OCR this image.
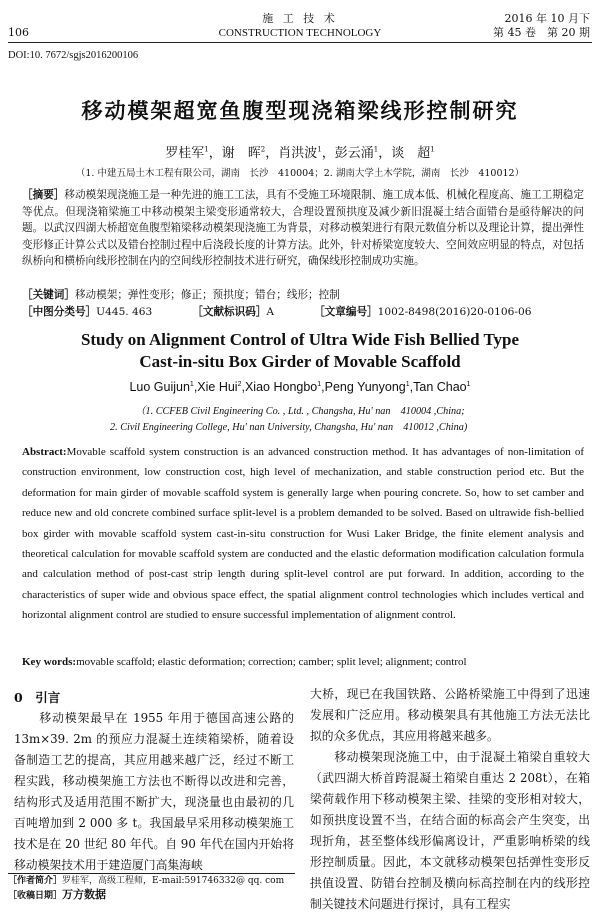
106
施 工 技 术
CONSTRUCTION TECHNOLOGY
2016 年 10 月下
第 45 卷　第 20 期
DOI:10. 7672/sgjs2016200106
移动模架超宽鱼腹型现浇箱梁线形控制研究
罗桂军$^1$，谢　晖$^2$，肖洪波$^1$，彭云涌$^1$，谈　超$^1$
（1. 中建五局土木工程有限公司，湖南　长沙　410004；2. 湖南大学土木学院，湖南　长沙　410012）
［摘要］移动模架现浇施工是一种先进的施工工法，具有不受施工环境限制、施工成本低、机械化程度高、施工工期稳定等优点。但现浇箱梁施工中移动模架主梁变形通常较大，合理设置预拱度及减少新旧混凝土结合面错台是亟待解决的问题。以武汉四湖大桥超宽鱼腹型箱梁移动模架现浇施工为背景，对移动模架进行有限元数值分析以及理论计算，提出弹性变形修正计算公式以及错台控制过程中后浇段长度的计算方法。此外，针对桥梁宽度较大、空间效应明显的特点，对包括纵桥向和横桥向线形控制在内的空间线形控制技术进行研究，确保线形控制成功实施。
［关键词］移动模架；弹性变形；修正；预拱度；错台；线形；控制
［中图分类号］U445. 463	［文献标识码］A	［文章编号］1002-8498(2016)20-0106-06
Study on Alignment Control of Ultra Wide Fish Bellied Type
Cast-in-situ Box Girder of Movable Scaffold
Luo Guijun$^1$,Xie Hui$^2$,Xiao Hongbo$^1$,Peng Yunyong$^1$,Tan Chao$^1$
（1. CCFEB Civil Engineering Co. , Ltd. , Changsha, Hu' nan　410004 ,China;
2. Civil Engineering College, Hu' nan University, Changsha, Hu' nan　410012 ,China)
Abstract:Movable scaffold system construction is an advanced construction method. It has advantages of non-limitation of construction environment, low construction cost, high level of mechanization, and stable construction period etc. But the deformation for main girder of movable scaffold system is generally large when pouring concrete. So, how to set camber and reduce new and old concrete combined surface split-level is a problem demanded to be solved. Based on ultrawide fish-bellied box girder with movable scaffold system cast-in-situ construction for Wusi Laker Bridge, the finite element analysis and theoretical calculation for movable scaffold system are conducted and the elastic deformation modification calculation formula and calculation method of post-cast strip length during split-level control are put forward. In addition, according to the characteristics of super wide and obvious space effect, the spatial alignment control technologies which includes vertical and horizontal alignment control are studied to ensure successful implementation of alignment control.
Key words:movable scaffold; elastic deformation; correction; camber; split level; alignment; control
0　引言
　　移动模架最早在 1955 年用于德国高速公路的 13m×39. 2m 的预应力混凝土连续箱梁桥，随着设备制造工艺的提高，其应用越来越广泛，经过不断工程实践，移动模架施工方法也不断得以改进和完善，结构形式及适用范围不断扩大，现浇量也由最初的几百吨增加到 2 000 多 t。我国最早采用移动模架施工技术是在 20 世纪 80 年代。自 90 年代在国内开始将移动模架技术用于建造厦门高集海峡
大桥，现已在我国铁路、公路桥梁施工中得到了迅速发展和广泛应用。移动模架具有其他施工方法无法比拟的众多优点，其应用将越来越多。
　　移动模架现浇施工中，由于混凝土箱梁自重较大（武四湖大桥首跨混凝土箱梁自重达 2 208t），在箱梁荷载作用下移动模架主梁、挂梁的变形相对较大，如预拱度设置不当，在结合面的标高会产生突变，出现折角，甚至整体线形偏离设计，严重影响桥梁的线形控制质量。因此，本文就移动模架包括弹性变形反拱值设置、防错台控制及横向标高控制在内的线形控制关键技术问题进行探讨，具有工程实
［作者简介］罗桂军，高级工程师，E-mail:591746332@ qq. com
［收稿日期］万方数据
